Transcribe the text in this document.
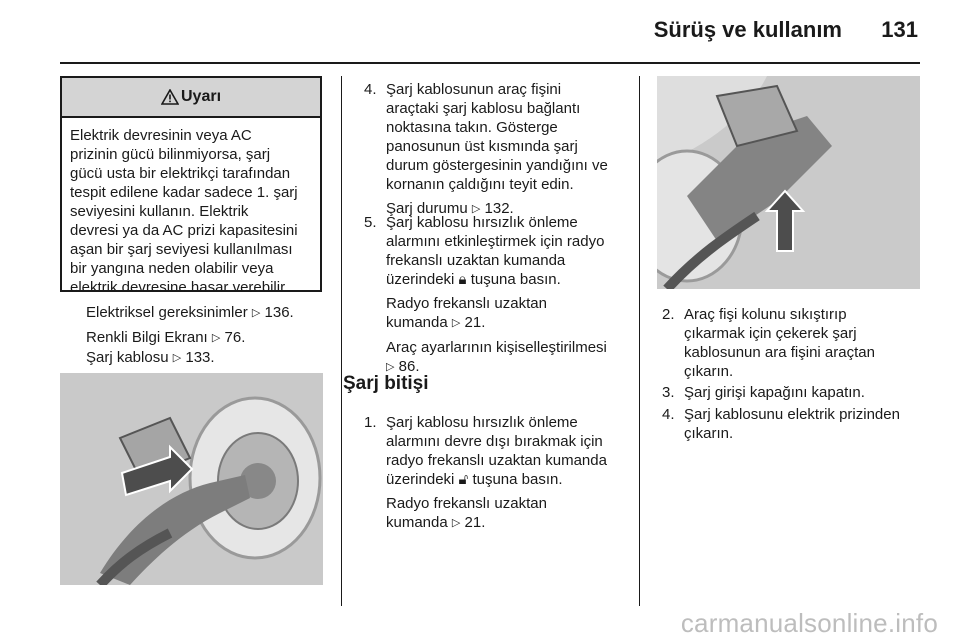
Sürüş ve kullanım 131
Uyarı
Elektrik devresinin veya AC
prizinin gücü bilinmiyorsa, şarj
gücü usta bir elektrikçi tarafından
tespit edilene kadar sadece 1. şarj
seviyesini kullanın. Elektrik
devresi ya da AC prizi kapasitesini
aşan bir şarj seviyesi kullanılması
bir yangına neden olabilir veya
elektrik devresine hasar verebilir.
Elektriksel gereksinimler ▷ 136.
Renkli Bilgi Ekranı ▷ 76.
Şarj kablosu ▷ 133.
4. Şarj kablosunun araç fişini
araçtaki şarj kablosu bağlantı
noktasına takın. Gösterge
panosunun üst kısmında şarj
durum göstergesinin yandığını ve
kornanın çaldığını teyit edin.
Şarj durumu ▷ 132.
5. Şarj kablosu hırsızlık önleme
alarmını etkinleştirmek için radyo
frekanslı uzaktan kumanda
üzerindeki 🔒︎ tuşuna basın.
Radyo frekanslı uzaktan
kumanda ▷ 21.
Araç ayarlarının kişiselleştirilmesi
▷ 86.
Şarj bitişi
1. Şarj kablosu hırsızlık önleme
alarmını devre dışı bırakmak için
radyo frekanslı uzaktan kumanda
üzerindeki 🔓︎ tuşuna basın.
Radyo frekanslı uzaktan
kumanda ▷ 21.
2. Araç fişi kolunu sıkıştırıp
çıkarmak için çekerek şarj
kablosunun ara fişini araçtan
çıkarın.
3. Şarj girişi kapağını kapatın.
4. Şarj kablosunu elektrik prizinden
çıkarın.
carmanualsonline.info
